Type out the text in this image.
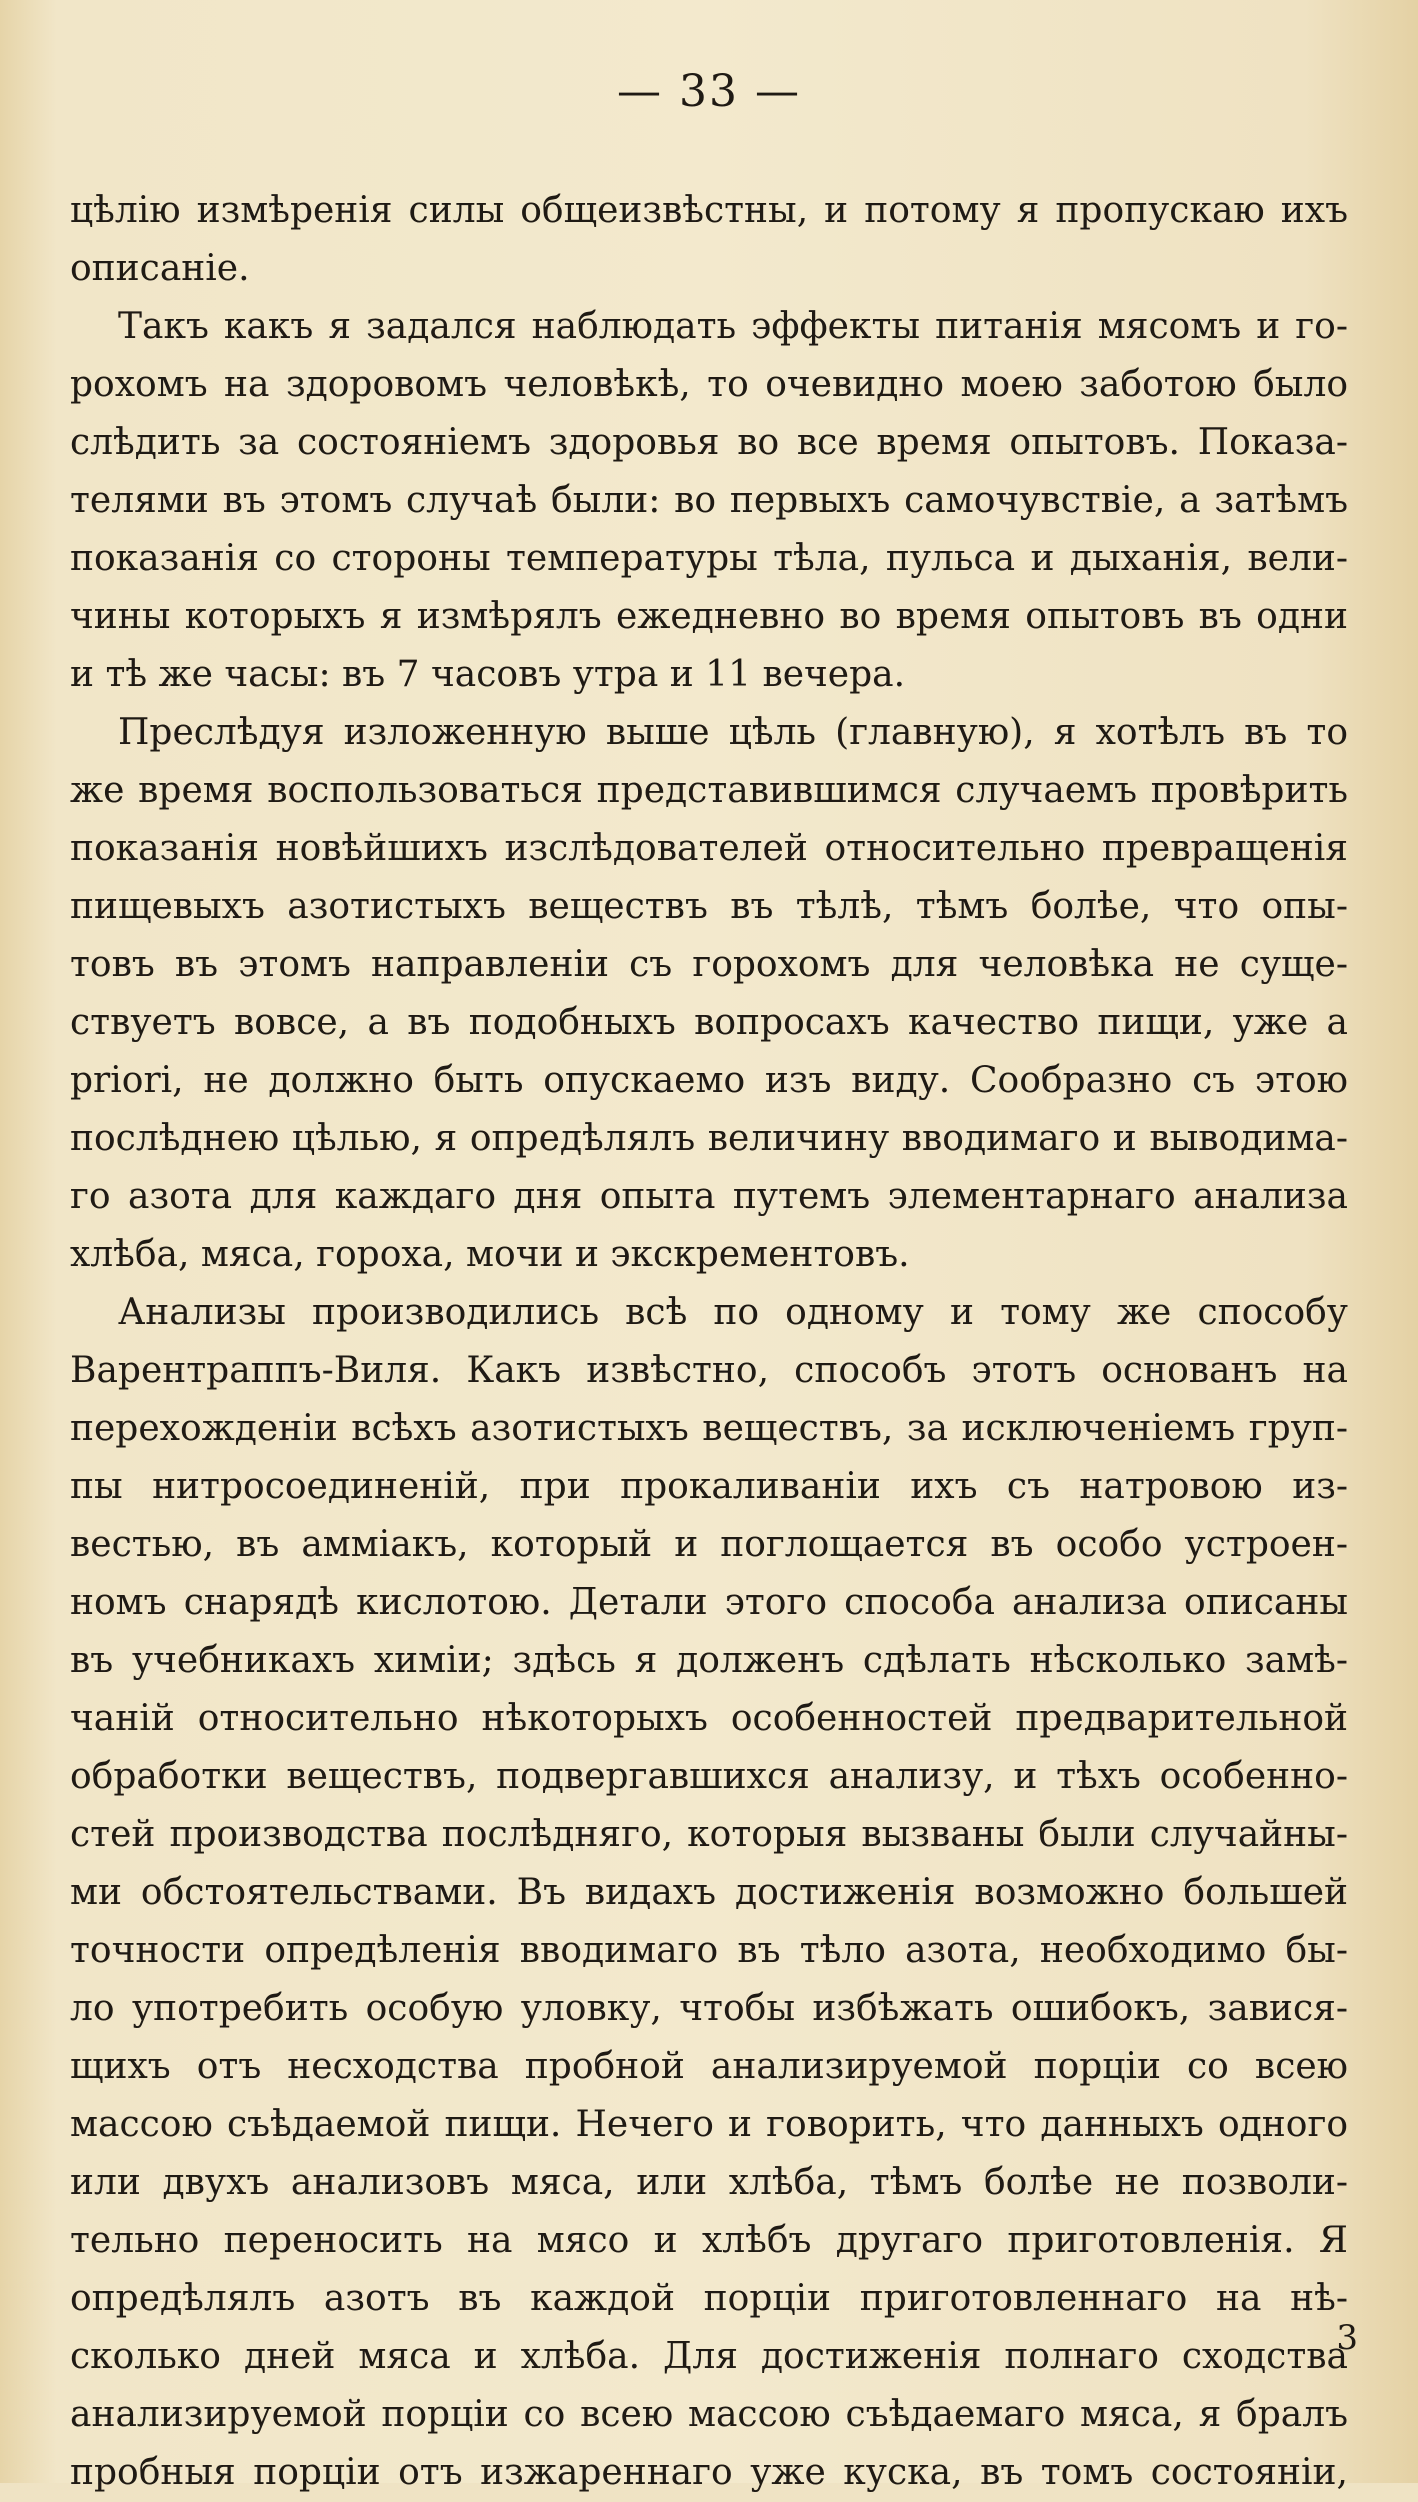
— 33 —
цѣлію измѣренія силы общеизвѣстны, и потому я пропускаю ихъ
описаніе.
Такъ какъ я задался наблюдать эффекты питанія мясомъ и го-
рохомъ на здоровомъ человѣкѣ, то очевидно моею заботою было
слѣдить за состояніемъ здоровья во все время опытовъ. Показа-
телями въ этомъ случаѣ были: во первыхъ самочувствіе, а затѣмъ
показанія со стороны температуры тѣла, пульса и дыханія, вели-
чины которыхъ я измѣрялъ ежедневно во время опытовъ въ одни
и тѣ же часы: въ 7 часовъ утра и 11 вечера.
Преслѣдуя изложенную выше цѣль (главную), я хотѣлъ въ то
же время воспользоваться представившимся случаемъ провѣрить
показанія новѣйшихъ изслѣдователей относительно превращенія
пищевыхъ азотистыхъ веществъ въ тѣлѣ, тѣмъ болѣе, что опы-
товъ въ этомъ направленіи съ горохомъ для человѣка не суще-
ствуетъ вовсе, а въ подобныхъ вопросахъ качество пищи, уже a
priori, не должно быть опускаемо изъ виду. Сообразно съ этою
послѣднею цѣлью, я опредѣлялъ величину вводимаго и выводима-
го азота для каждаго дня опыта путемъ элементарнаго анализа
хлѣба, мяса, гороха, мочи и экскрементовъ.
Анализы производились всѣ по одному и тому же способу
Варентраппъ-Виля. Какъ извѣстно, способъ этотъ основанъ на
перехожденіи всѣхъ азотистыхъ веществъ, за исключеніемъ груп-
пы нитросоединеній, при прокаливаніи ихъ съ натровою из-
вестью, въ амміакъ, который и поглощается въ особо устроен-
номъ снарядѣ кислотою. Детали этого способа анализа описаны
въ учебникахъ химіи; здѣсь я долженъ сдѣлать нѣсколько замѣ-
чаній относительно нѣкоторыхъ особенностей предварительной
обработки веществъ, подвергавшихся анализу, и тѣхъ особенно-
стей производства послѣдняго, которыя вызваны были случайны-
ми обстоятельствами. Въ видахъ достиженія возможно большей
точности опредѣленія вводимаго въ тѣло азота, необходимо бы-
ло употребить особую уловку, чтобы избѣжать ошибокъ, завися-
щихъ отъ несходства пробной анализируемой порціи со всею
массою съѣдаемой пищи. Нечего и говорить, что данныхъ одного
или двухъ анализовъ мяса, или хлѣба, тѣмъ болѣе не позволи-
тельно переносить на мясо и хлѣбъ другаго приготовленія. Я
опредѣлялъ азотъ въ каждой порціи приготовленнаго на нѣ-
сколько дней мяса и хлѣба. Для достиженія полнаго сходства
анализируемой порціи со всею массою съѣдаемаго мяса, я бралъ
пробныя порціи отъ изжареннаго уже куска, въ томъ состояніи,
3
